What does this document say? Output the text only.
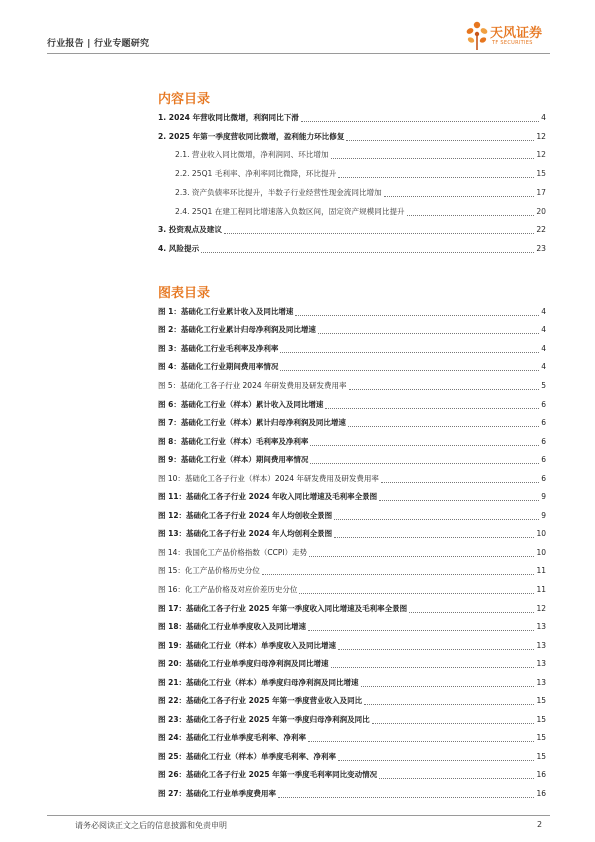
行业报告 | 行业专题研究
天风证券
TF SECURITIES
内容目录
1. 2024 年营收同比微增，利润同比下滑	4
2. 2025 年第一季度营收同比微增，盈利能力环比修复	12
2.1. 营业收入同比微增，净利润同、环比增加	12
2.2. 25Q1 毛利率、净利率同比微降，环比提升	15
2.3. 资产负债率环比提升，半数子行业经营性现金流同比增加	17
2.4. 25Q1 在建工程同比增速落入负数区间，固定资产规模同比提升	20
3. 投资观点及建议	22
4. 风险提示	23
图表目录
图 1：基础化工行业累计收入及同比增速	4
图 2：基础化工行业累计归母净利润及同比增速	4
图 3：基础化工行业毛利率及净利率	4
图 4：基础化工行业期间费用率情况	4
图 5：基础化工各子行业 2024 年研发费用及研发费用率	5
图 6：基础化工行业（样本）累计收入及同比增速	6
图 7：基础化工行业（样本）累计归母净利润及同比增速	6
图 8：基础化工行业（样本）毛利率及净利率	6
图 9：基础化工行业（样本）期间费用率情况	6
图 10：基础化工各子行业（样本）2024 年研发费用及研发费用率	6
图 11：基础化工各子行业 2024 年收入同比增速及毛利率全景图	9
图 12：基础化工各子行业 2024 年人均创收全景图	9
图 13：基础化工各子行业 2024 年人均创利全景图	10
图 14：我国化工产品价格指数（CCPI）走势	10
图 15：化工产品价格历史分位	11
图 16：化工产品价格及对应价差历史分位	11
图 17：基础化工各子行业 2025 年第一季度收入同比增速及毛利率全景图	12
图 18：基础化工行业单季度收入及同比增速	13
图 19：基础化工行业（样本）单季度收入及同比增速	13
图 20：基础化工行业单季度归母净利润及同比增速	13
图 21：基础化工行业（样本）单季度归母净利润及同比增速	13
图 22：基础化工各子行业 2025 年第一季度营业收入及同比	15
图 23：基础化工各子行业 2025 年第一季度归母净利润及同比	15
图 24：基础化工行业单季度毛利率、净利率	15
图 25：基础化工行业（样本）单季度毛利率、净利率	15
图 26：基础化工各子行业 2025 年第一季度毛利率同比变动情况	16
图 27：基础化工行业单季度费用率	16
请务必阅读正文之后的信息披露和免责申明	2
